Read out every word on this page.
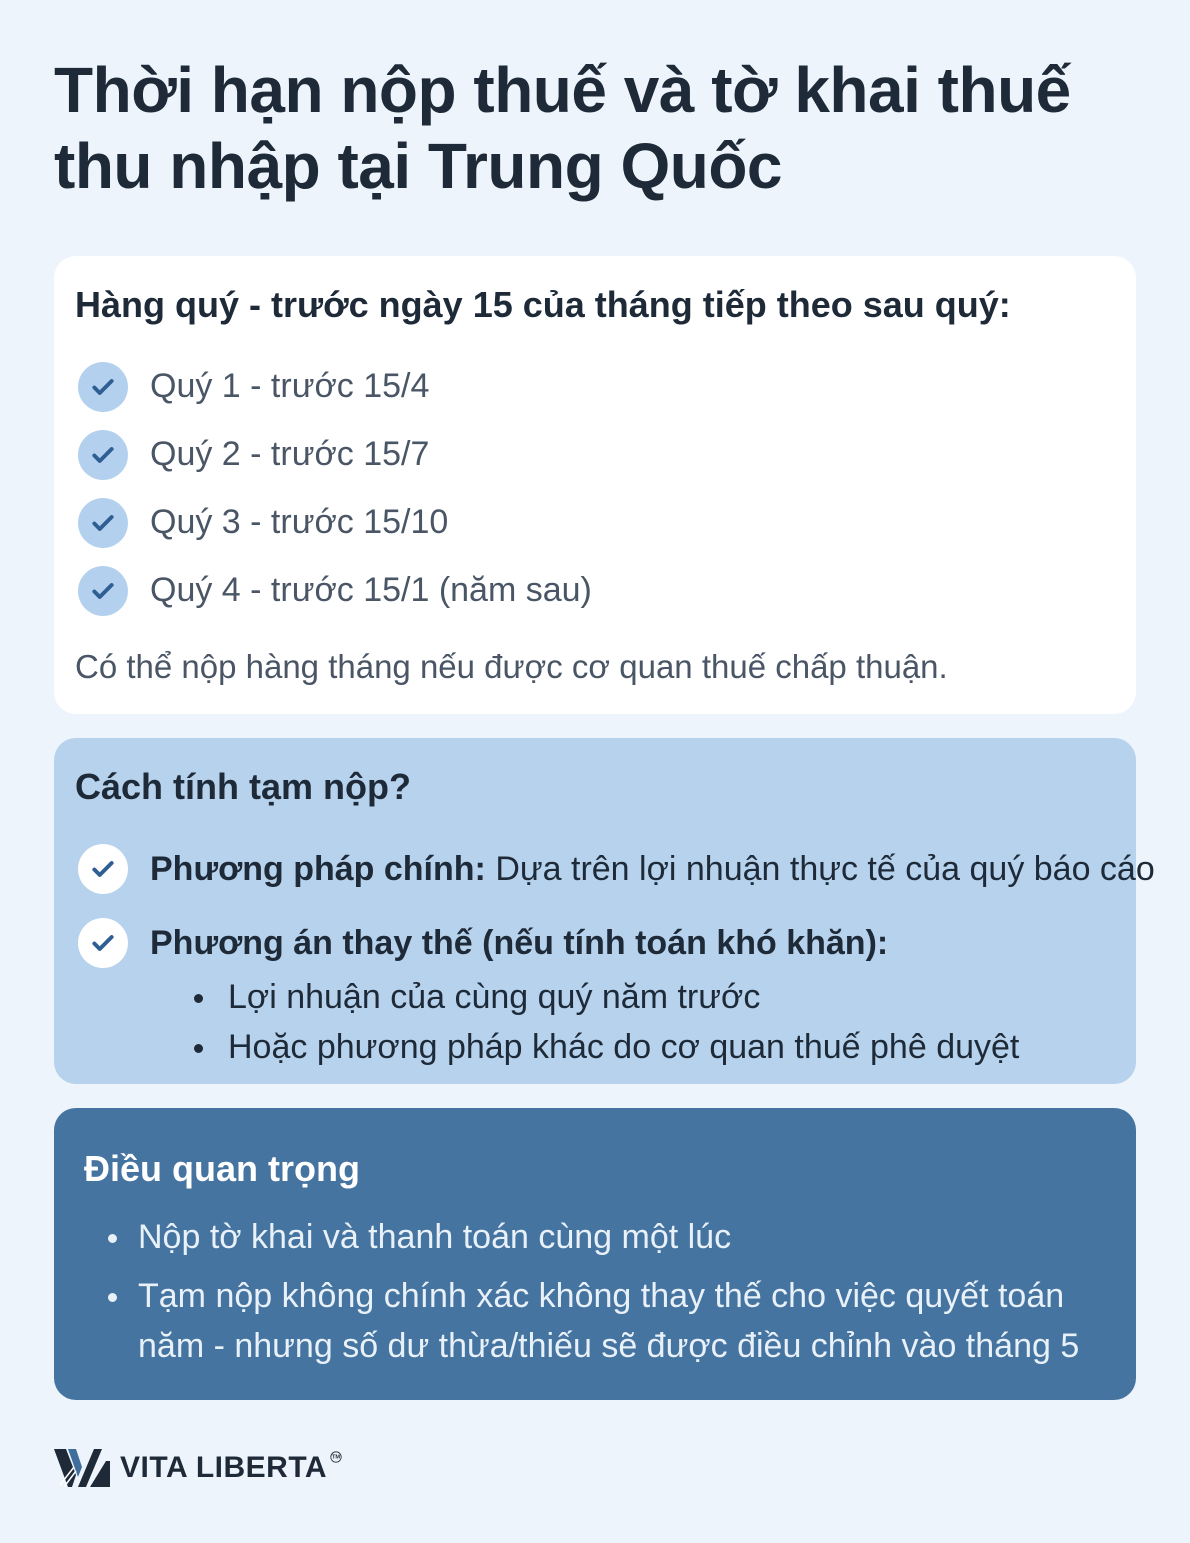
Thời hạn nộp thuế và tờ khai thuế thu nhập tại Trung Quốc
Hàng quý - trước ngày 15 của tháng tiếp theo sau quý:
Quý 1 - trước 15/4
Quý 2 - trước 15/7
Quý 3 - trước 15/10
Quý 4 - trước 15/1 (năm sau)

Có thể nộp hàng tháng nếu được cơ quan thuế chấp thuận.

Cách tính tạm nộp?
Phương pháp chính: Dựa trên lợi nhuận thực tế của quý báo cáo
Phương án thay thế (nếu tính toán khó khăn):
Lợi nhuận của cùng quý năm trước
Hoặc phương pháp khác do cơ quan thuế phê duyệt
Điều quan trọng
Nộp tờ khai và thanh toán cùng một lúc
Tạm nộp không chính xác không thay thế cho việc quyết toán năm - nhưng số dư thừa/thiếu sẽ được điều chỉnh vào tháng 5
VITA LIBERTA TM
